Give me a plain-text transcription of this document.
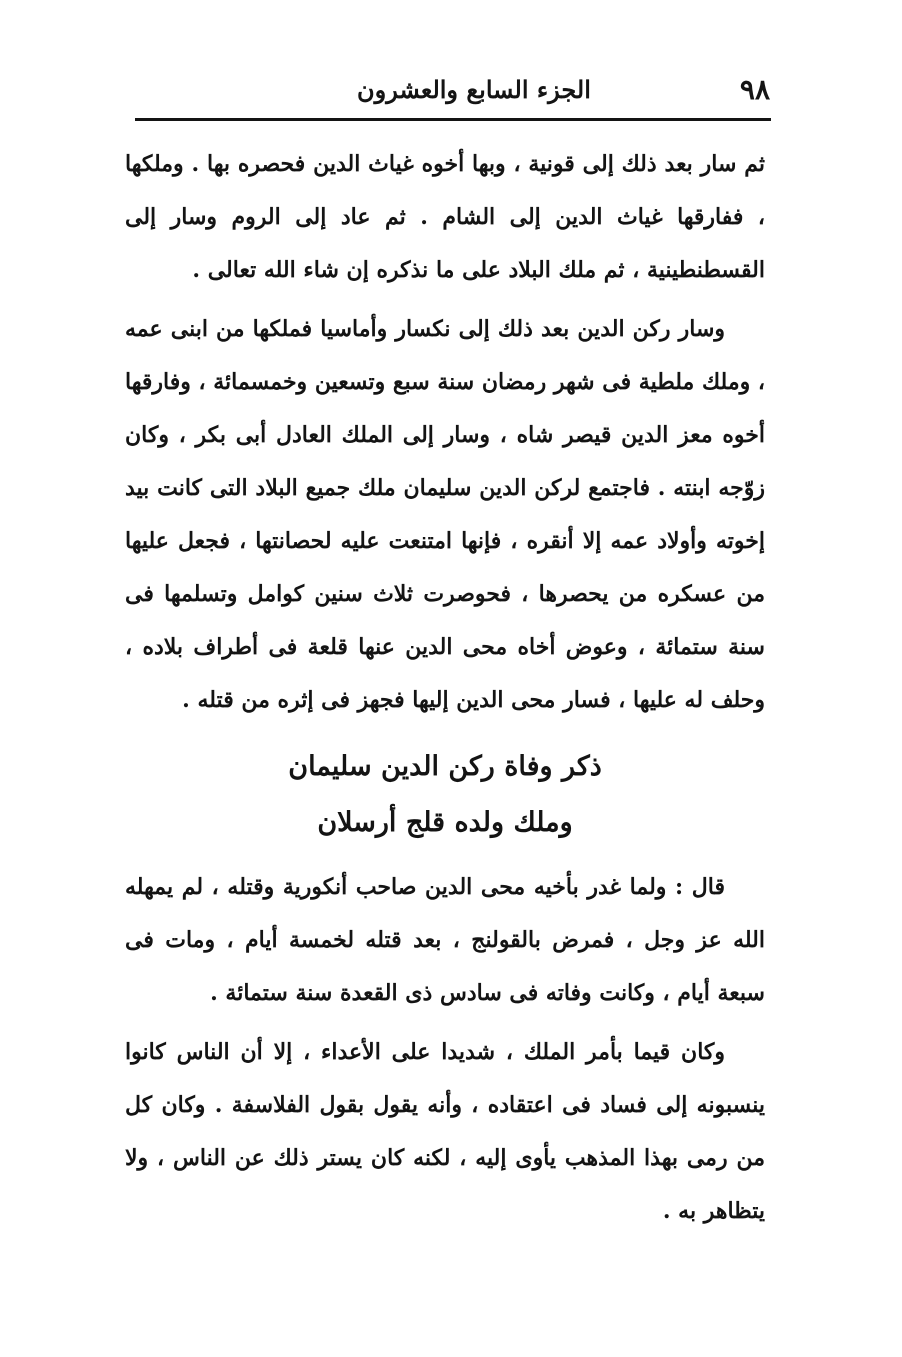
٩٨
الجزء السابع والعشرون

ثم سار بعد ذلك إلى قونية ، وبها أخوه غياث الدين فحصره بها . وملكها ، ففارقها غياث الدين إلى الشام . ثم عاد إلى الروم وسار إلى القسطنطينية ، ثم ملك البلاد على ما نذكره إن شاء الله تعالى .

وسار ركن الدين بعد ذلك إلى نكسار وأماسيا فملكها من ابنى عمه ، وملك ملطية فى شهر رمضان سنة سبع وتسعين وخمسمائة ، وفارقها أخوه معز الدين قيصر شاه ، وسار إلى الملك العادل أبى بكر ، وكان زوّجه ابنته . فاجتمع لركن الدين سليمان ملك جميع البلاد التى كانت بيد إخوته وأولاد عمه إلا أنقره ، فإنها امتنعت عليه لحصانتها ، فجعل عليها من عسكره من يحصرها ، فحوصرت ثلاث سنين كوامل وتسلمها فى سنة ستمائة ، وعوض أخاه محى الدين عنها قلعة فى أطراف بلاده ، وحلف له عليها ، فسار محى الدين إليها فجهز فى إثره من قتله .

ذكر وفاة ركن الدين سليمان
وملك ولده قلج أرسلان

قال : ولما غدر بأخيه محى الدين صاحب أنكورية وقتله ، لم يمهله الله عز وجل ، فمرض بالقولنج ، بعد قتله لخمسة أيام ، ومات فى سبعة أيام ، وكانت وفاته فى سادس ذى القعدة سنة ستمائة .

وكان قيما بأمر الملك ، شديدا على الأعداء ، إلا أن الناس كانوا ينسبونه إلى فساد فى اعتقاده ، وأنه يقول بقول الفلاسفة . وكان كل من رمى بهذا المذهب يأوى إليه ، لكنه كان يستر ذلك عن الناس ، ولا يتظاهر به .
